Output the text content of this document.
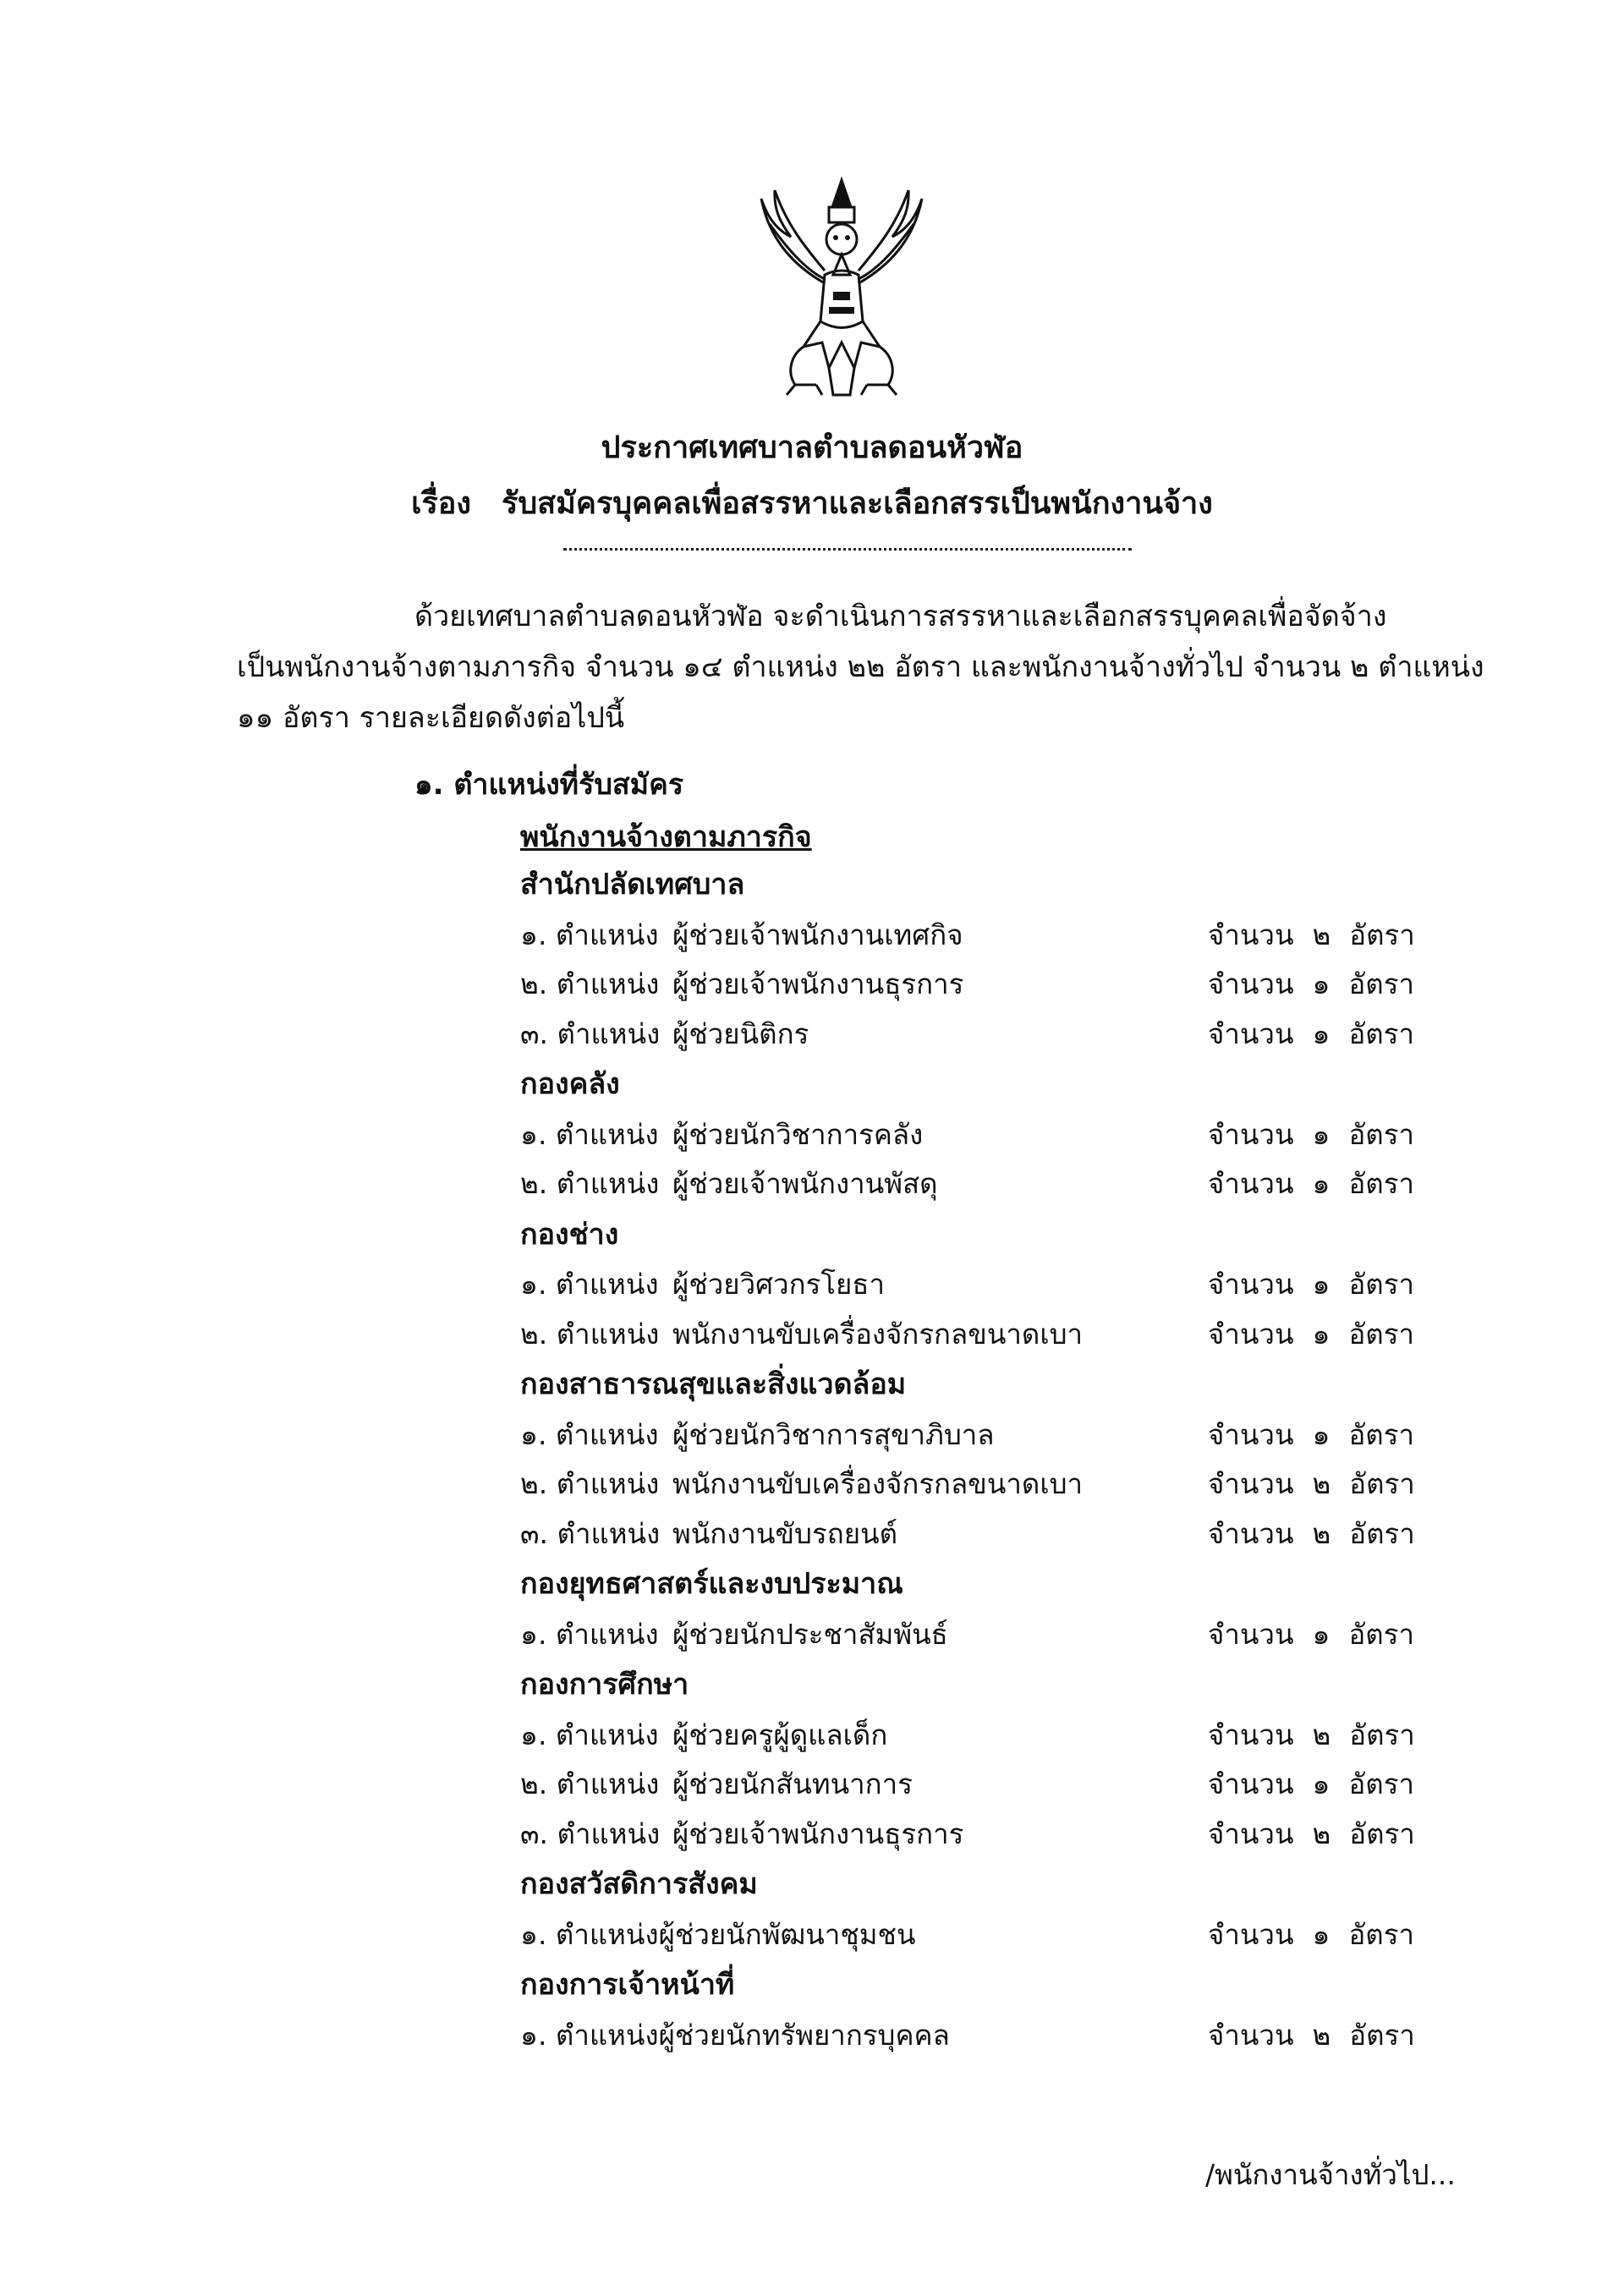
ประกาศเทศบาลตำบลดอนหัวฬ่อ
เรื่อง รับสมัครบุคคลเพื่อสรรหาและเลือกสรรเป็นพนักงานจ้าง
ด้วยเทศบาลตำบลดอนหัวฬ่อ จะดำเนินการสรรหาและเลือกสรรบุคคลเพื่อจัดจ้าง
เป็นพนักงานจ้างตามภารกิจ จำนวน ๑๔ ตำแหน่ง ๒๒ อัตรา และพนักงานจ้างทั่วไป จำนวน ๒ ตำแหน่ง
๑๑ อัตรา รายละเอียดดังต่อไปนี้
๑. ตำแหน่งที่รับสมัคร
พนักงานจ้างตามภารกิจ
สำนักปลัดเทศบาล
๑. ตำแหน่ง ผู้ช่วยเจ้าพนักงานเทศกิจ	จำนวน ๒ อัตรา
๒. ตำแหน่ง ผู้ช่วยเจ้าพนักงานธุรการ	จำนวน ๑ อัตรา
๓. ตำแหน่ง ผู้ช่วยนิติกร	จำนวน ๑ อัตรา
กองคลัง
๑. ตำแหน่ง ผู้ช่วยนักวิชาการคลัง	จำนวน ๑ อัตรา
๒. ตำแหน่ง ผู้ช่วยเจ้าพนักงานพัสดุ	จำนวน ๑ อัตรา
กองช่าง
๑. ตำแหน่ง ผู้ช่วยวิศวกรโยธา	จำนวน ๑ อัตรา
๒. ตำแหน่ง พนักงานขับเครื่องจักรกลขนาดเบา	จำนวน ๑ อัตรา
กองสาธารณสุขและสิ่งแวดล้อม
๑. ตำแหน่ง ผู้ช่วยนักวิชาการสุขาภิบาล	จำนวน ๑ อัตรา
๒. ตำแหน่ง พนักงานขับเครื่องจักรกลขนาดเบา	จำนวน ๒ อัตรา
๓. ตำแหน่ง พนักงานขับรถยนต์	จำนวน ๒ อัตรา
กองยุทธศาสตร์และงบประมาณ
๑. ตำแหน่ง ผู้ช่วยนักประชาสัมพันธ์	จำนวน ๑ อัตรา
กองการศึกษา
๑. ตำแหน่ง ผู้ช่วยครูผู้ดูแลเด็ก	จำนวน ๒ อัตรา
๒. ตำแหน่ง ผู้ช่วยนักสันทนาการ	จำนวน ๑ อัตรา
๓. ตำแหน่ง ผู้ช่วยเจ้าพนักงานธุรการ	จำนวน ๒ อัตรา
กองสวัสดิการสังคม
๑. ตำแหน่งผู้ช่วยนักพัฒนาชุมชน	จำนวน ๑ อัตรา
กองการเจ้าหน้าที่
๑. ตำแหน่งผู้ช่วยนักทรัพยากรบุคคล	จำนวน ๒ อัตรา
/พนักงานจ้างทั่วไป...
